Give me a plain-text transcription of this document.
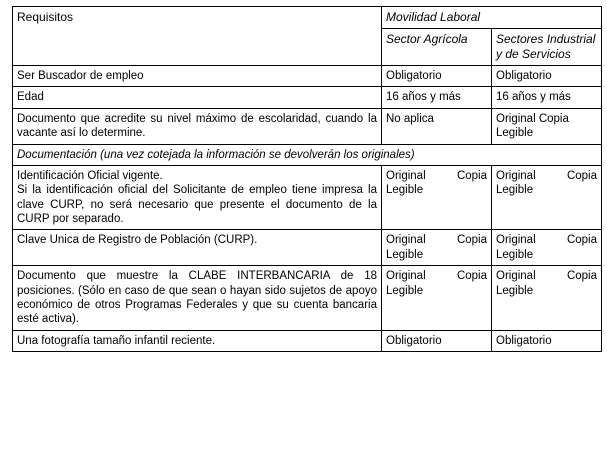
Requisitos	Movilidad Laboral	
	Sector Agrícola	Sectores Industrial y de Servicios
Ser Buscador de empleo	Obligatorio	Obligatorio
Edad	16 años y más	16 años y más

Documento que acredite su nivel máximo de escolaridad, cuando la vacante así lo determine.	No aplica	Original Copia Legible

Documentación (una vez cotejada la información se devolverán los originales)		

Identificación Oficial vigente.

Si la identificación oficial del Solicitante de empleo tiene impresa la clave CURP, no será necesario que presente el documento de la CURP por separado.	Original Copia Legible	Original Copia Legible

Clave Unica de Registro de Población (CURP).	Original Copia Legible	Original Copia Legible

Documento que muestre la CLABE INTERBANCARIA de 18 posiciones. (Sólo en caso de que sean o hayan sido sujetos de apoyo económico de otros Programas Federales y que su cuenta bancaria esté activa).	Original Copia Legible	Original Copia Legible

Una fotografía tamaño infantil reciente.	Obligatorio	Obligatorio
